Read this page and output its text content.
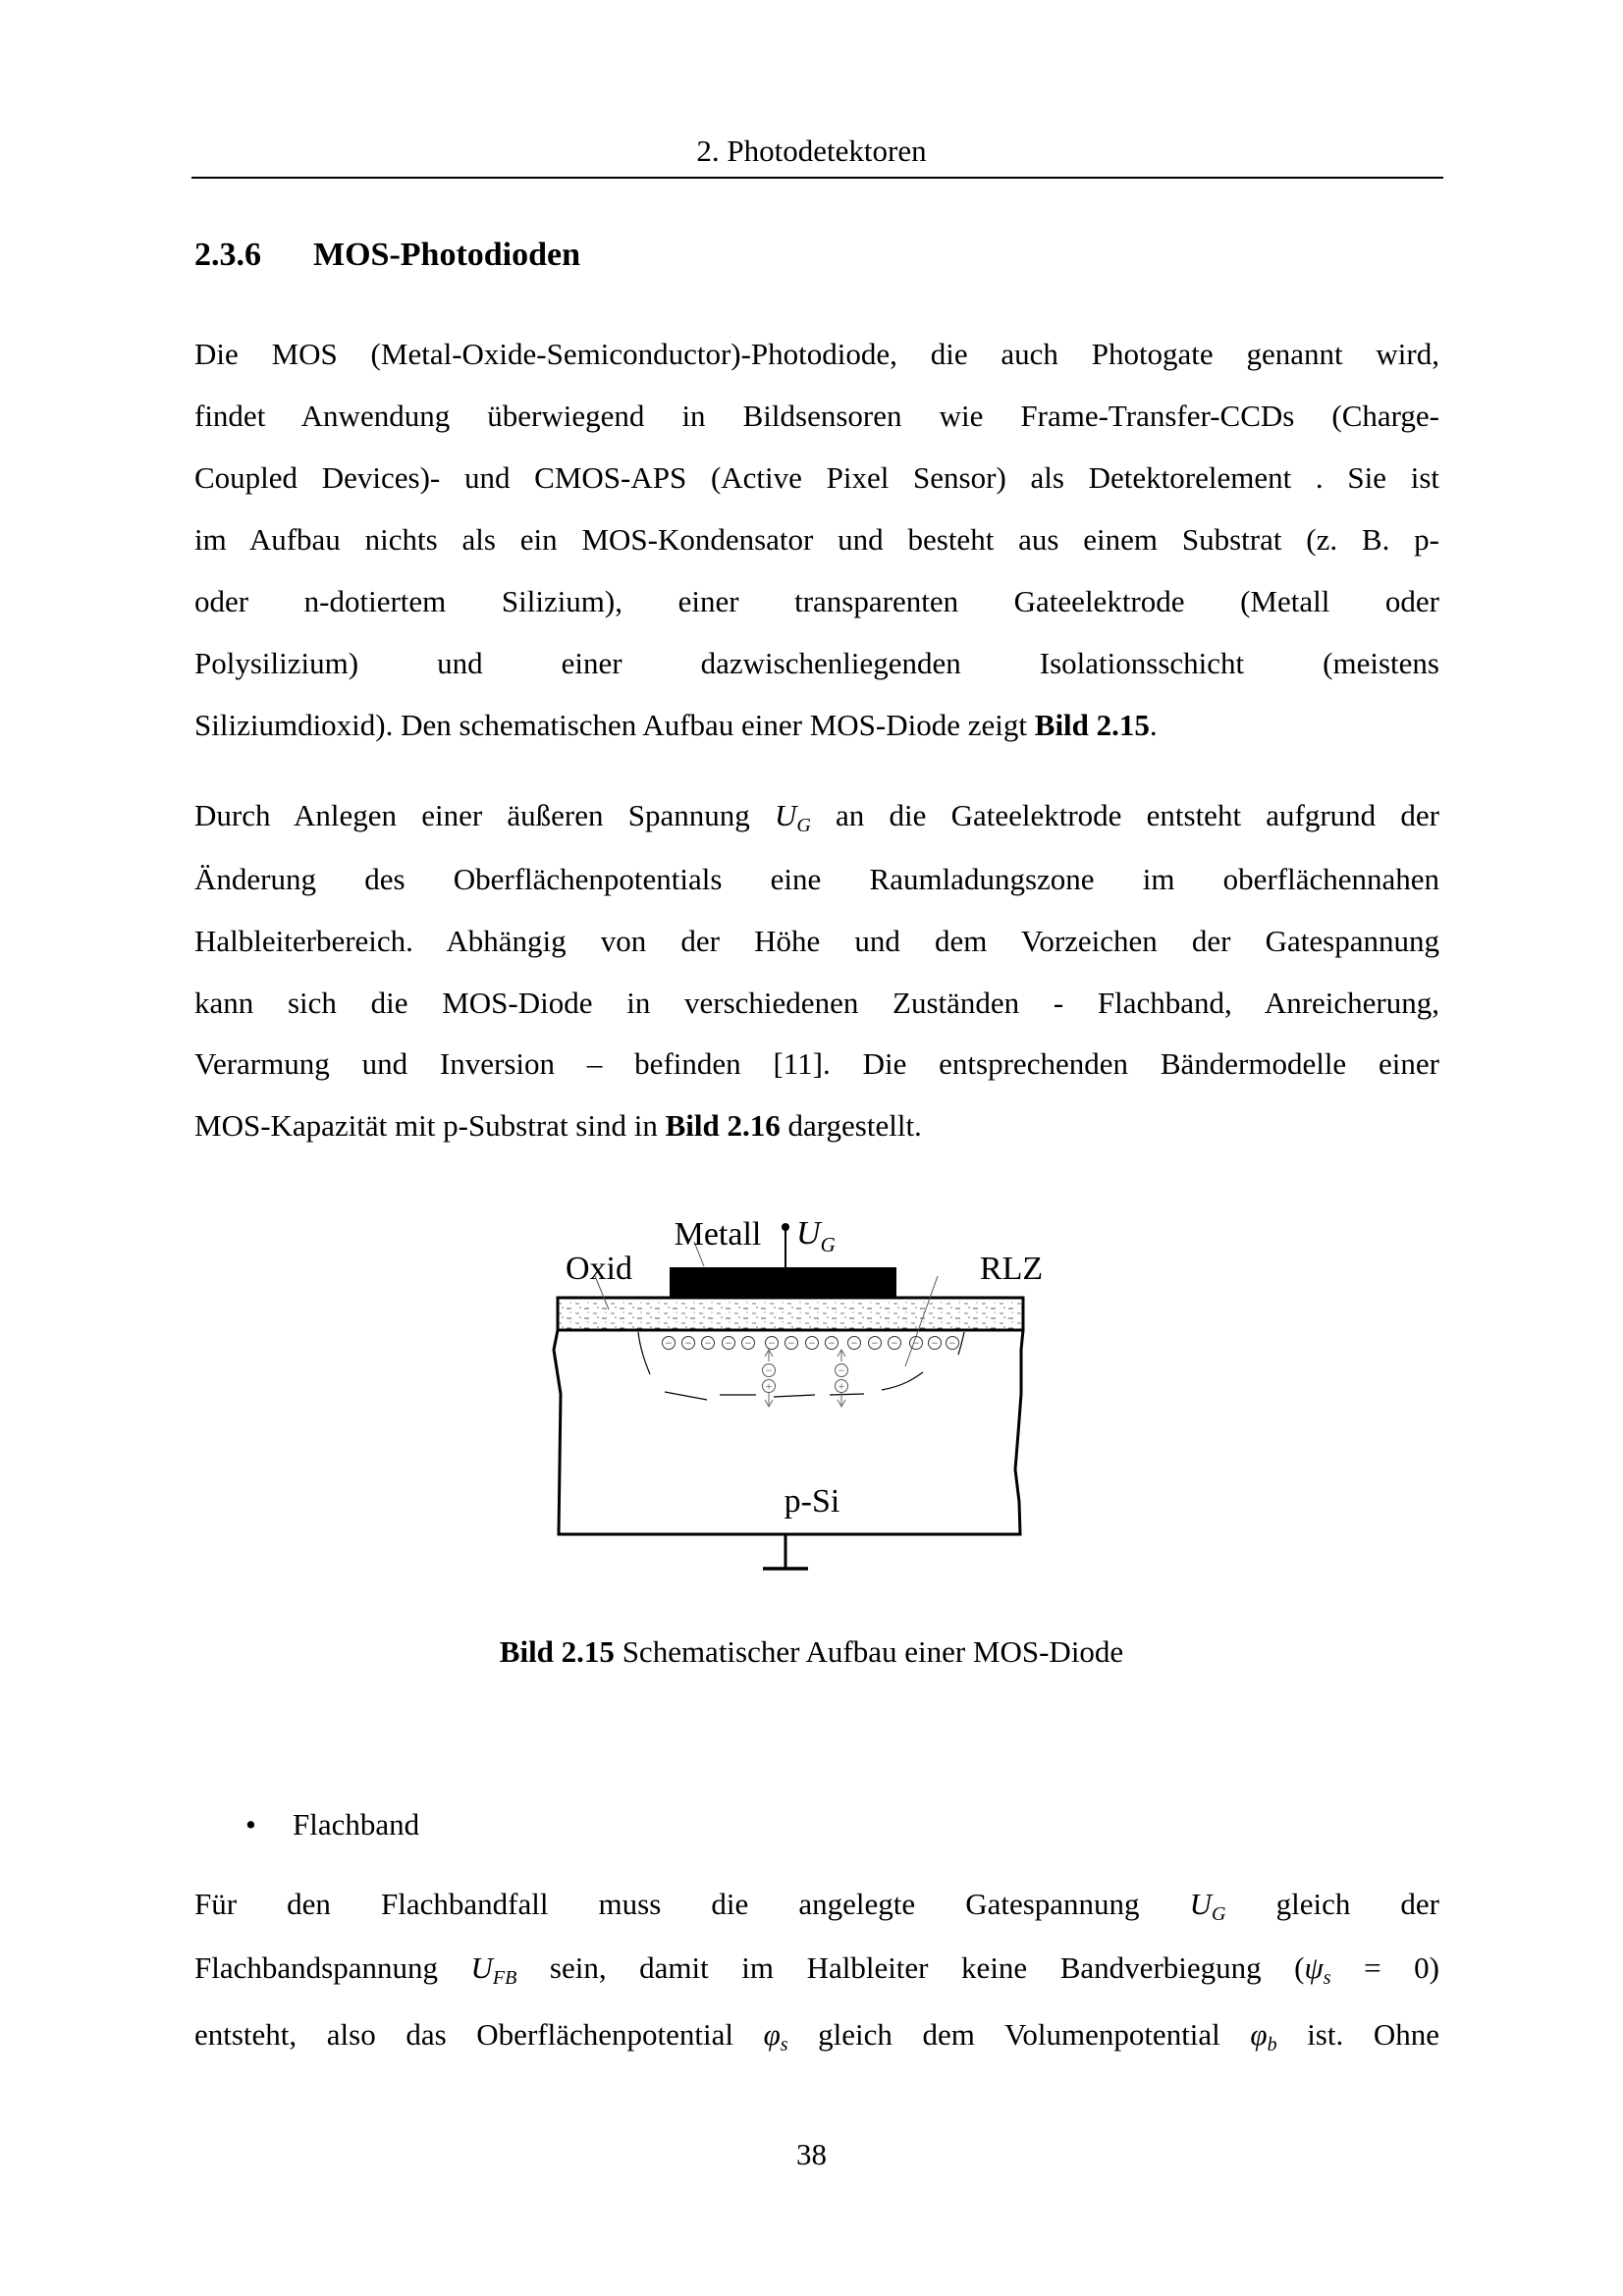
2. Photodetektoren
2.3.6 MOS-Photodioden
Die MOS (Metal-Oxide-Semiconductor)-Photodiode, die auch Photogate genannt wird,
findet Anwendung überwiegend in Bildsensoren wie Frame-Transfer-CCDs (Charge-
Coupled Devices)- und CMOS-APS (Active Pixel Sensor) als Detektorelement . Sie ist
im Aufbau nichts als ein MOS-Kondensator und besteht aus einem Substrat (z. B. p-
oder n-dotiertem Silizium), einer transparenten Gateelektrode (Metall oder
Polysilizium) und einer dazwischenliegenden Isolationsschicht (meistens
Siliziumdioxid). Den schematischen Aufbau einer MOS-Diode zeigt Bild 2.15.
Durch Anlegen einer äußeren Spannung $U_G$ an die Gateelektrode entsteht aufgrund der
Änderung des Oberflächenpotentials eine Raumladungszone im oberflächennahen
Halbleiterbereich. Abhängig von der Höhe und dem Vorzeichen der Gatespannung
kann sich die MOS-Diode in verschiedenen Zuständen - Flachband, Anreicherung,
Verarmung und Inversion – befinden [11]. Die entsprechenden Bändermodelle einer
MOS-Kapazität mit p-Substrat sind in Bild 2.16 dargestellt.
Metall
Oxid
$U_G$
RLZ
p-Si
− − − − − − − − − − − − − − −
−
+
−
+
Bild 2.15 Schematischer Aufbau einer MOS-Diode
• Flachband
Für den Flachbandfall muss die angelegte Gatespannung $U_G$ gleich der
Flachbandspannung $U_{FB}$ sein, damit im Halbleiter keine Bandverbiegung $(\psi_s = 0)$
entsteht, also das Oberflächenpotential $\varphi_s$ gleich dem Volumenpotential $\varphi_b$ ist. Ohne
38
